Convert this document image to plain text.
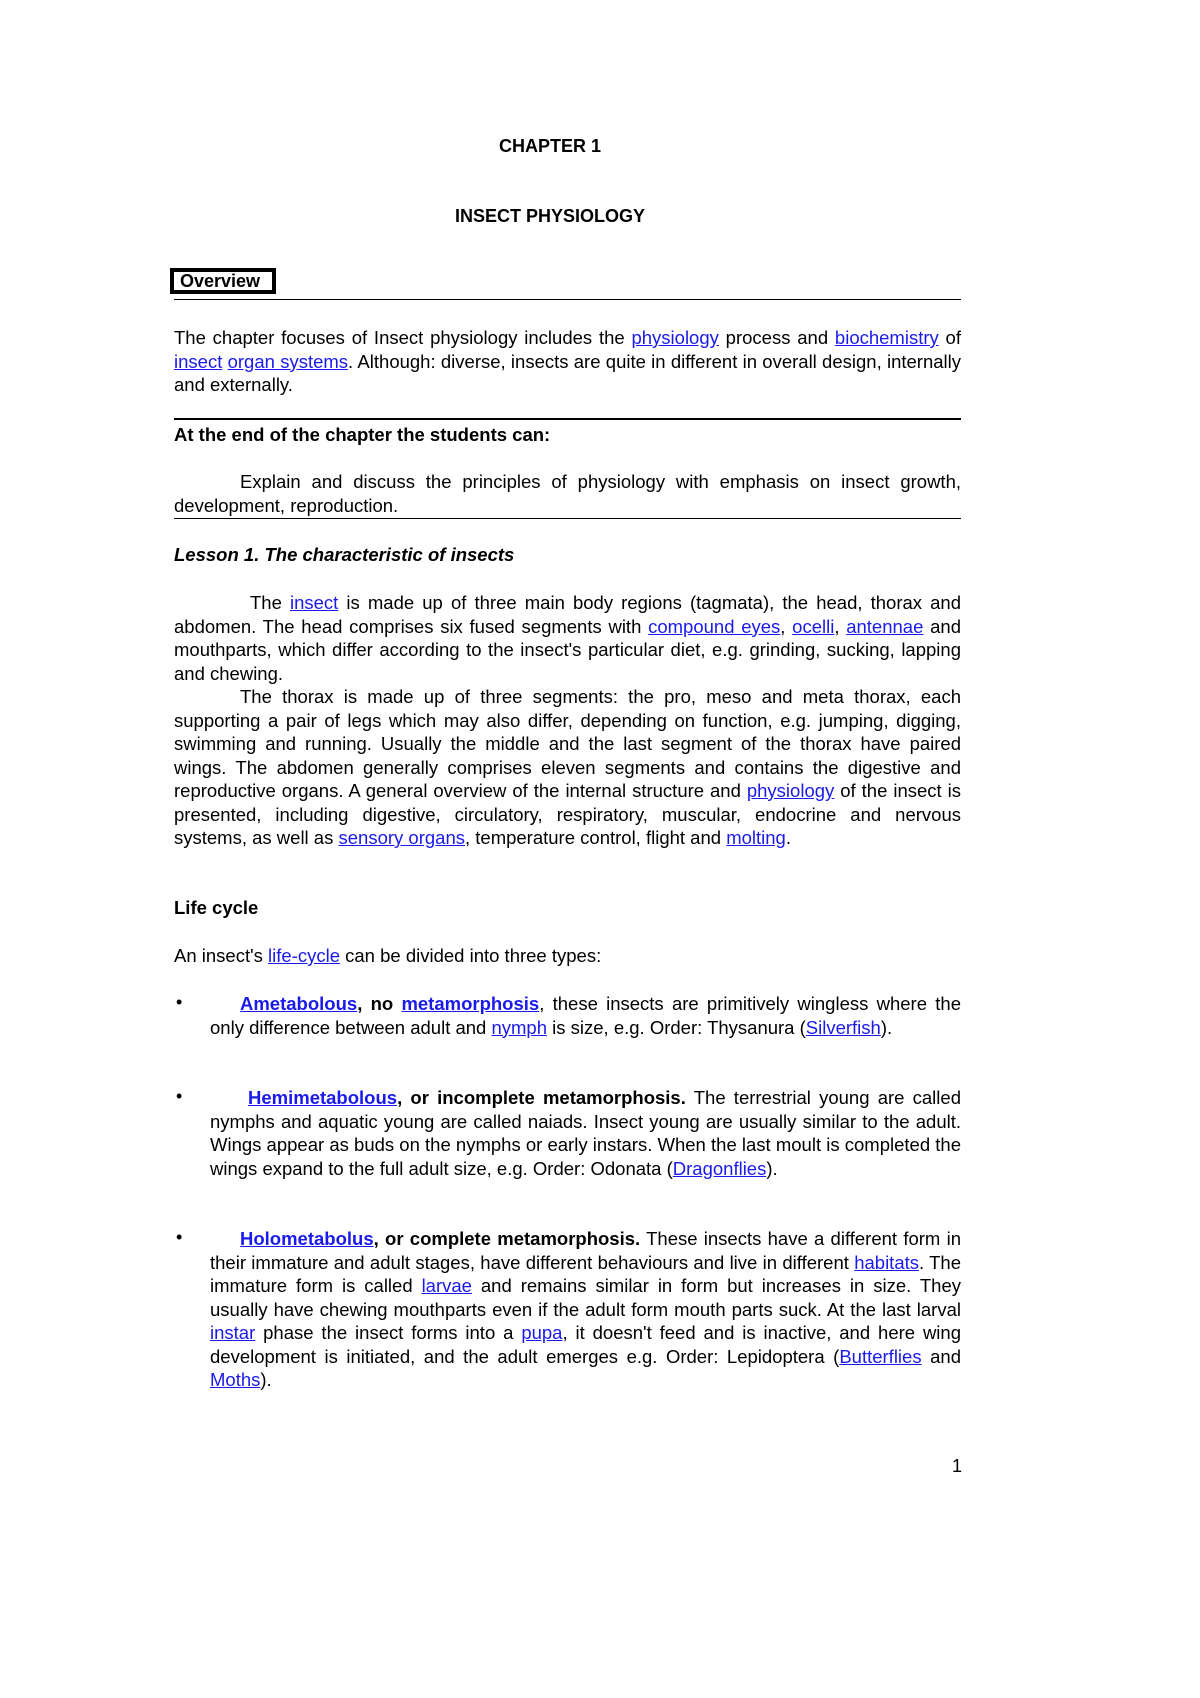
CHAPTER 1
INSECT PHYSIOLOGY
Overview
The chapter focuses of Insect physiology includes the physiology process and biochemistry of insect organ systems. Although: diverse, insects are quite in different in overall design, internally and externally.
At the end of the chapter the students can:
Explain and discuss the principles of physiology with emphasis on insect growth, development, reproduction.
Lesson 1. The characteristic of insects
The insect is made up of three main body regions (tagmata), the head, thorax and abdomen. The head comprises six fused segments with compound eyes, ocelli, antennae and mouthparts, which differ according to the insect's particular diet, e.g. grinding, sucking, lapping and chewing.
The thorax is made up of three segments: the pro, meso and meta thorax, each supporting a pair of legs which may also differ, depending on function, e.g. jumping, digging, swimming and running. Usually the middle and the last segment of the thorax have paired wings. The abdomen generally comprises eleven segments and contains the digestive and reproductive organs. A general overview of the internal structure and physiology of the insect is presented, including digestive, circulatory, respiratory, muscular, endocrine and nervous systems, as well as sensory organs, temperature control, flight and molting.
Life cycle
An insect's life-cycle can be divided into three types:
•	Ametabolous, no metamorphosis, these insects are primitively wingless where the only difference between adult and nymph is size, e.g. Order: Thysanura (Silverfish).
•	Hemimetabolous, or incomplete metamorphosis. The terrestrial young are called nymphs and aquatic young are called naiads. Insect young are usually similar to the adult. Wings appear as buds on the nymphs or early instars. When the last moult is completed the wings expand to the full adult size, e.g. Order: Odonata (Dragonflies).
•	Holometabolus, or complete metamorphosis. These insects have a different form in their immature and adult stages, have different behaviours and live in different habitats. The immature form is called larvae and remains similar in form but increases in size. They usually have chewing mouthparts even if the adult form mouth parts suck. At the last larval instar phase the insect forms into a pupa, it doesn't feed and is inactive, and here wing development is initiated, and the adult emerges e.g. Order: Lepidoptera (Butterflies and Moths).
1
